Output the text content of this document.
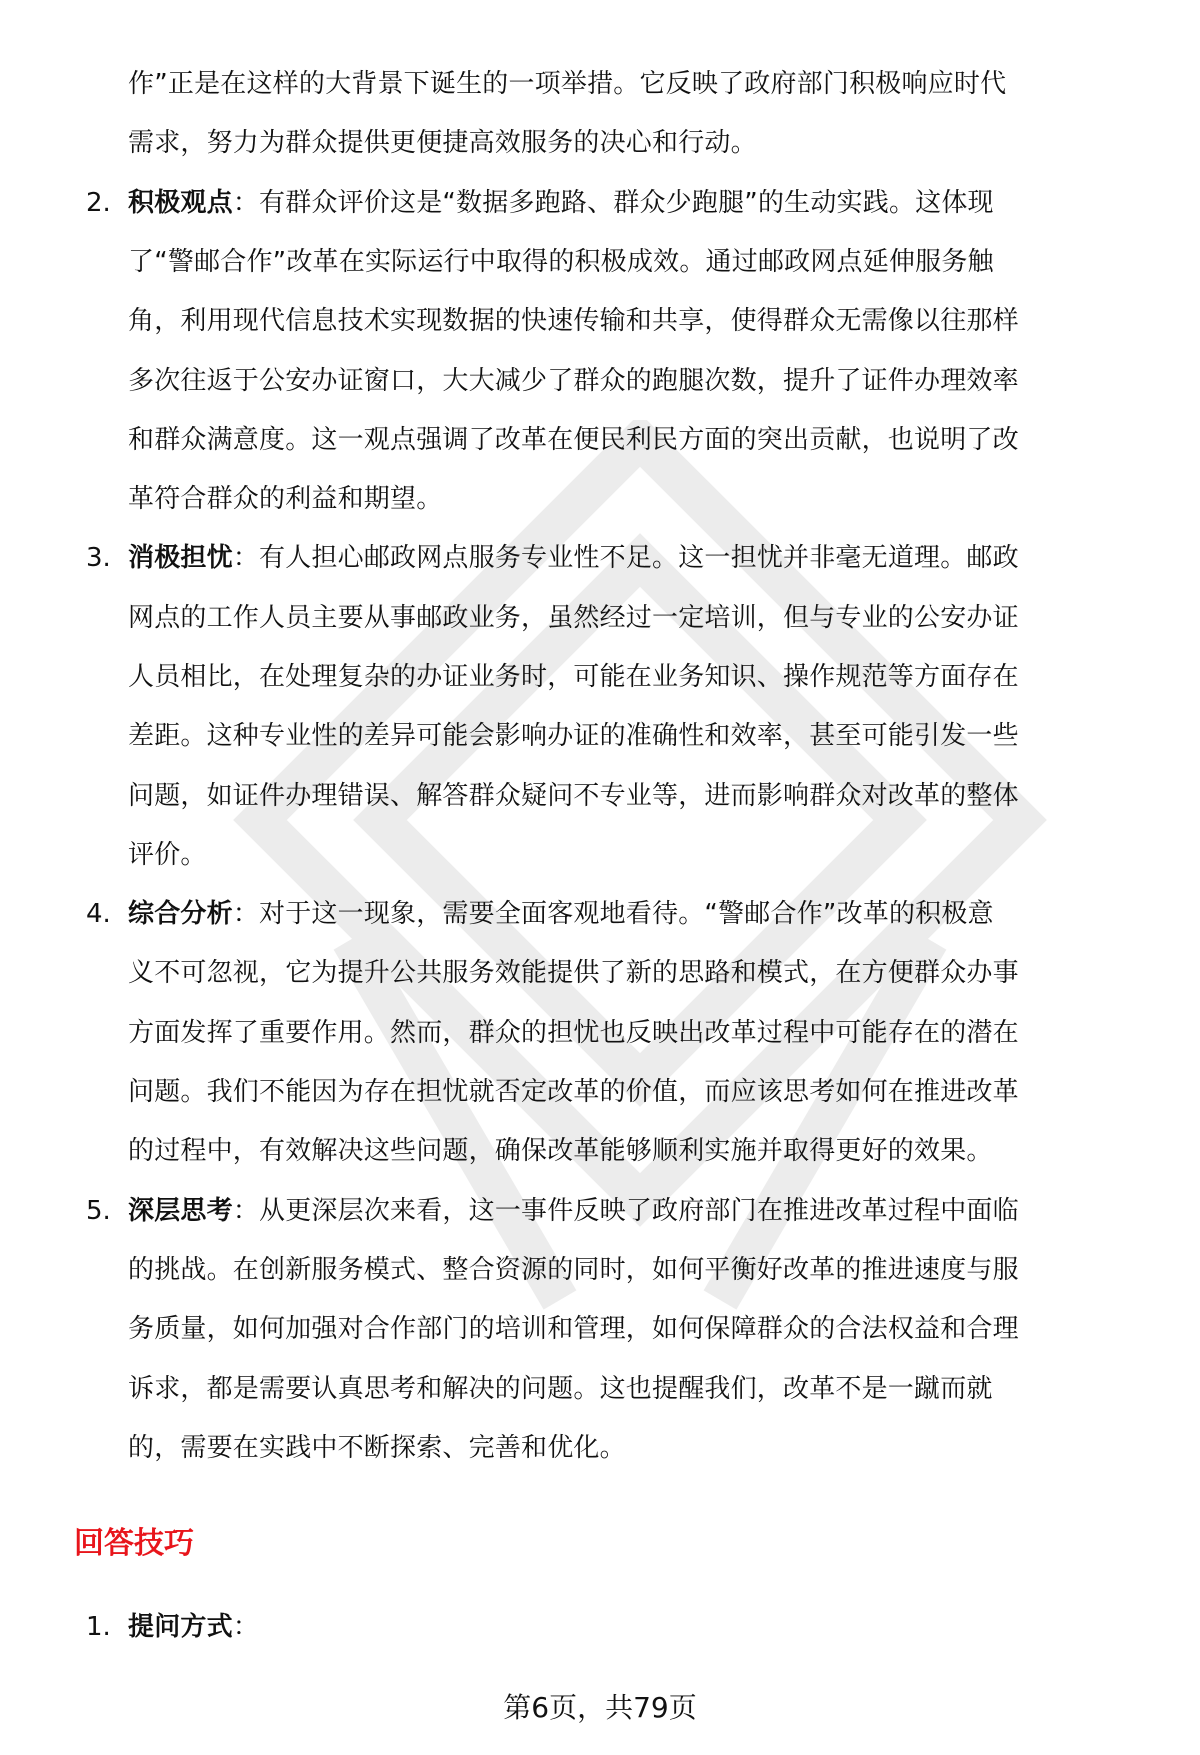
作”正是在这样的大背景下诞生的一项举措。它反映了政府部门积极响应时代
需求，努力为群众提供更便捷高效服务的决心和行动。
2. 积极观点：有群众评价这是“数据多跑路、群众少跑腿”的生动实践。这体现
了“警邮合作”改革在实际运行中取得的积极成效。通过邮政网点延伸服务触
角，利用现代信息技术实现数据的快速传输和共享，使得群众无需像以往那样
多次往返于公安办证窗口，大大减少了群众的跑腿次数，提升了证件办理效率
和群众满意度。这一观点强调了改革在便民利民方面的突出贡献，也说明了改
革符合群众的利益和期望。
3. 消极担忧：有人担心邮政网点服务专业性不足。这一担忧并非毫无道理。邮政
网点的工作人员主要从事邮政业务，虽然经过一定培训，但与专业的公安办证
人员相比，在处理复杂的办证业务时，可能在业务知识、操作规范等方面存在
差距。这种专业性的差异可能会影响办证的准确性和效率，甚至可能引发一些
问题，如证件办理错误、解答群众疑问不专业等，进而影响群众对改革的整体
评价。
4. 综合分析：对于这一现象，需要全面客观地看待。“警邮合作”改革的积极意
义不可忽视，它为提升公共服务效能提供了新的思路和模式，在方便群众办事
方面发挥了重要作用。然而，群众的担忧也反映出改革过程中可能存在的潜在
问题。我们不能因为存在担忧就否定改革的价值，而应该思考如何在推进改革
的过程中，有效解决这些问题，确保改革能够顺利实施并取得更好的效果。
5. 深层思考：从更深层次来看，这一事件反映了政府部门在推进改革过程中面临
的挑战。在创新服务模式、整合资源的同时，如何平衡好改革的推进速度与服
务质量，如何加强对合作部门的培训和管理，如何保障群众的合法权益和合理
诉求，都是需要认真思考和解决的问题。这也提醒我们，改革不是一蹴而就
的，需要在实践中不断探索、完善和优化。
回答技巧
1. 提问方式：
第6页，共79页
